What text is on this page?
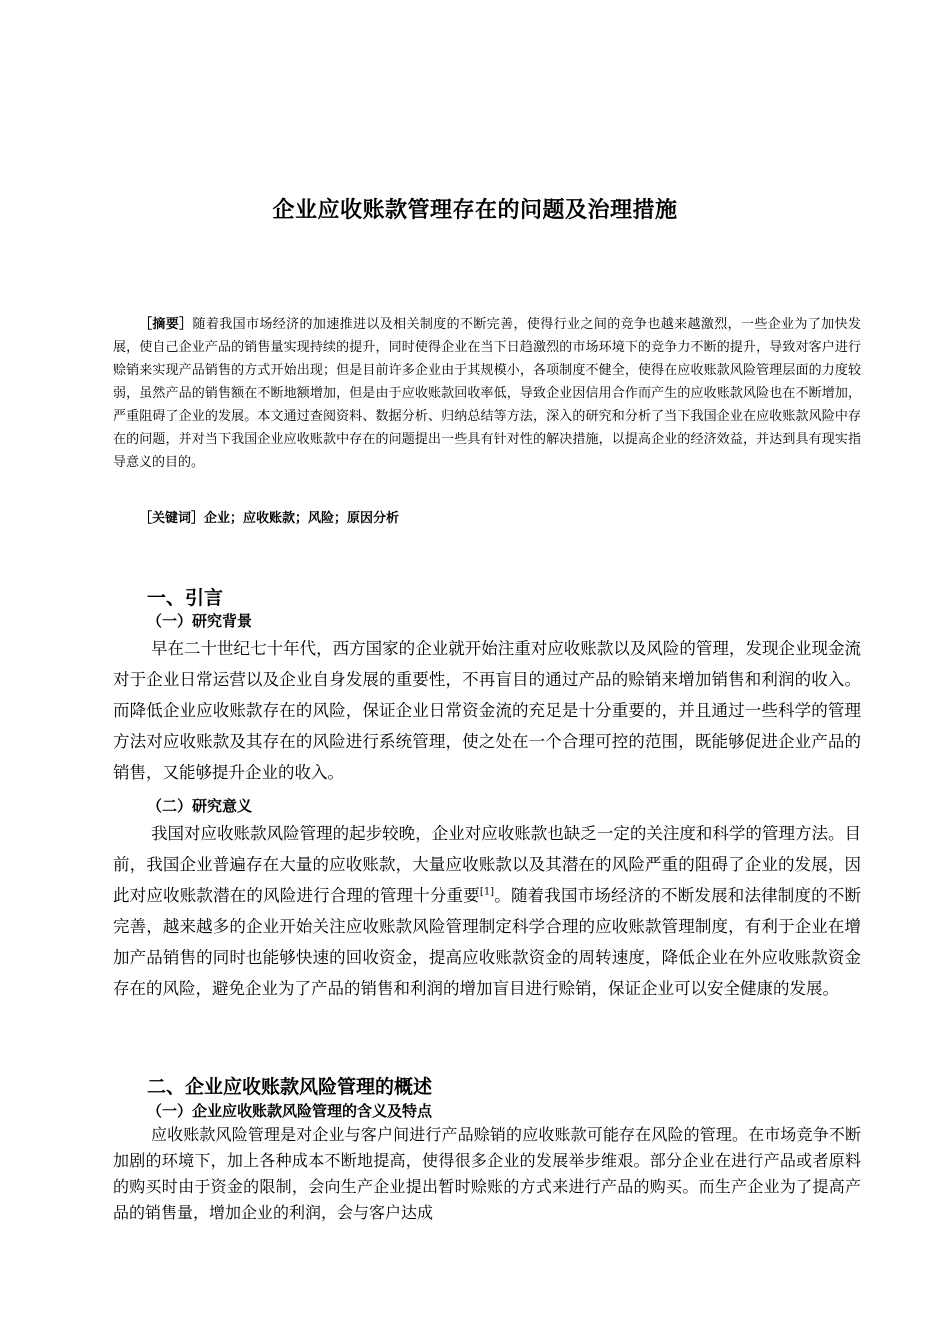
企业应收账款管理存在的问题及治理措施

［摘要］随着我国市场经济的加速推进以及相关制度的不断完善，使得行业之间的竞争也越来越激烈，一些企业为了加快发展，使自己企业产品的销售量实现持续的提升，同时使得企业在当下日趋激烈的市场环境下的竞争力不断的提升，导致对客户进行赊销来实现产品销售的方式开始出现；但是目前许多企业由于其规模小，各项制度不健全，使得在应收账款风险管理层面的力度较弱，虽然产品的销售额在不断地额增加，但是由于应收账款回收率低，导致企业因信用合作而产生的应收账款风险也在不断增加，严重阻碍了企业的发展。本文通过查阅资料、数据分析、归纳总结等方法，深入的研究和分析了当下我国企业在应收账款风险中存在的问题，并对当下我国企业应收账款中存在的问题提出一些具有针对性的解决措施，以提高企业的经济效益，并达到具有现实指导意义的目的。

［关键词］企业；应收账款；风险；原因分析

一、引言
（一）研究背景

早在二十世纪七十年代，西方国家的企业就开始注重对应收账款以及风险的管理，发现企业现金流对于企业日常运营以及企业自身发展的重要性，不再盲目的通过产品的赊销来增加销售和利润的收入。而降低企业应收账款存在的风险，保证企业日常资金流的充足是十分重要的，并且通过一些科学的管理方法对应收账款及其存在的风险进行系统管理，使之处在一个合理可控的范围，既能够促进企业产品的销售，又能够提升企业的收入。

（二）研究意义

我国对应收账款风险管理的起步较晚，企业对应收账款也缺乏一定的关注度和科学的管理方法。目前，我国企业普遍存在大量的应收账款，大量应收账款以及其潜在的风险严重的阻碍了企业的发展，因此对应收账款潜在的风险进行合理的管理十分重要[1]。随着我国市场经济的不断发展和法律制度的不断完善，越来越多的企业开始关注应收账款风险管理制定科学合理的应收账款管理制度，有利于企业在增加产品销售的同时也能够快速的回收资金，提高应收账款资金的周转速度，降低企业在外应收账款资金存在的风险，避免企业为了产品的销售和利润的增加盲目进行赊销，保证企业可以安全健康的发展。

二、企业应收账款风险管理的概述
（一）企业应收账款风险管理的含义及特点

应收账款风险管理是对企业与客户间进行产品赊销的应收账款可能存在风险的管理。在市场竞争不断加剧的环境下，加上各种成本不断地提高，使得很多企业的发展举步维艰。部分企业在进行产品或者原料的购买时由于资金的限制，会向生产企业提出暂时赊账的方式来进行产品的购买。而生产企业为了提高产品的销售量，增加企业的利润，会与客户达成
